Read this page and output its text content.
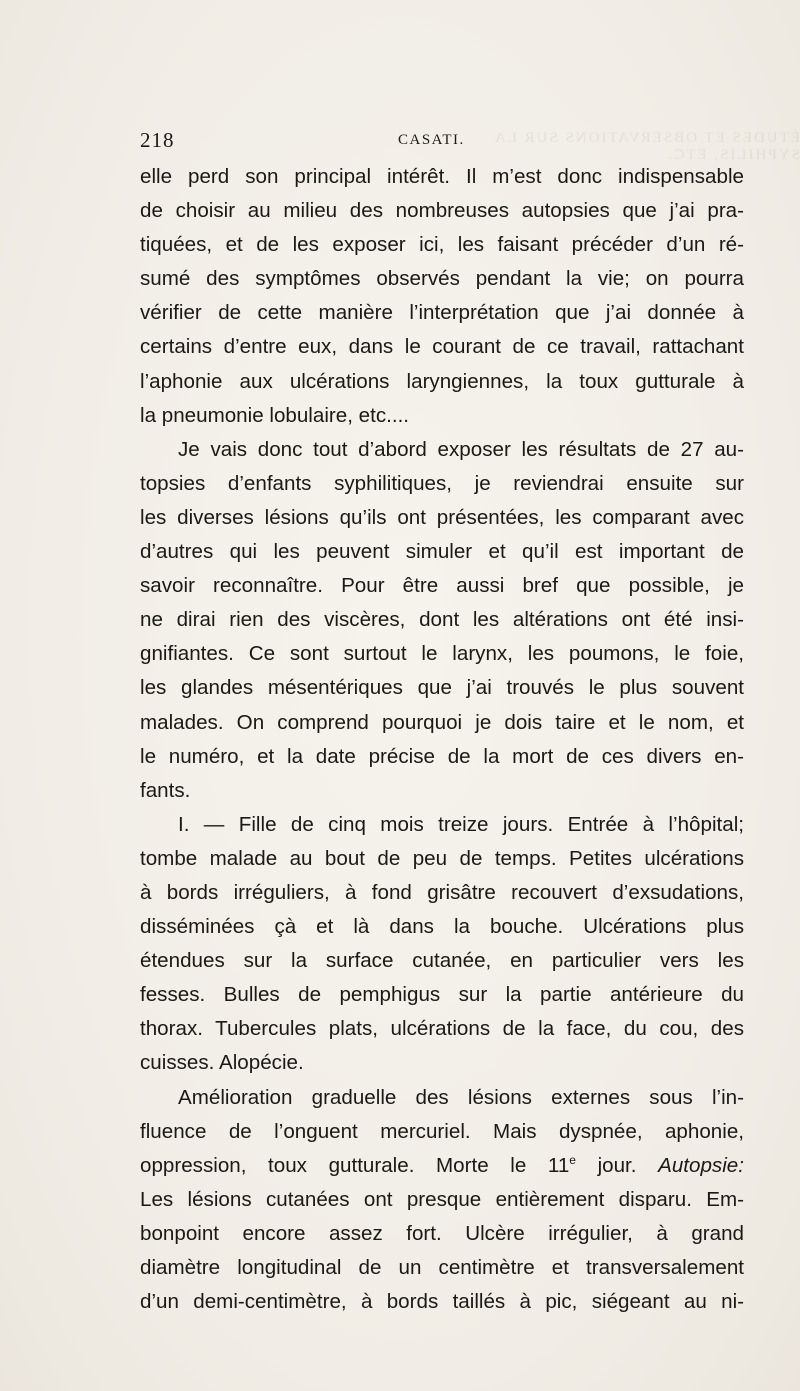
ÉTUDES ET OBSERVATIONS SUR LA SYPHILIS, ETC.
218	CASATI.
elle perd son principal intérêt. Il m’est donc indispensable
de choisir au milieu des nombreuses autopsies que j’ai pra-
tiquées, et de les exposer ici, les faisant précéder d’un ré-
sumé des symptômes observés pendant la vie; on pourra
vérifier de cette manière l’interprétation que j’ai donnée à
certains d’entre eux, dans le courant de ce travail, rattachant
l’aphonie aux ulcérations laryngiennes, la toux gutturale à
la pneumonie lobulaire, etc....
Je vais donc tout d’abord exposer les résultats de 27 au-
topsies d’enfants syphilitiques, je reviendrai ensuite sur
les diverses lésions qu’ils ont présentées, les comparant avec
d’autres qui les peuvent simuler et qu’il est important de
savoir reconnaître. Pour être aussi bref que possible, je
ne dirai rien des viscères, dont les altérations ont été insi-
gnifiantes. Ce sont surtout le larynx, les poumons, le foie,
les glandes mésentériques que j’ai trouvés le plus souvent
malades. On comprend pourquoi je dois taire et le nom, et
le numéro, et la date précise de la mort de ces divers en-
fants.
I. — Fille de cinq mois treize jours. Entrée à l’hôpital;
tombe malade au bout de peu de temps. Petites ulcérations
à bords irréguliers, à fond grisâtre recouvert d’exsudations,
disséminées çà et là dans la bouche. Ulcérations plus
étendues sur la surface cutanée, en particulier vers les
fesses. Bulles de pemphigus sur la partie antérieure du
thorax. Tubercules plats, ulcérations de la face, du cou, des
cuisses. Alopécie.
Amélioration graduelle des lésions externes sous l’in-
fluence de l’onguent mercuriel. Mais dyspnée, aphonie,
oppression, toux gutturale. Morte le 11e jour. Autopsie:
Les lésions cutanées ont presque entièrement disparu. Em-
bonpoint encore assez fort. Ulcère irrégulier, à grand
diamètre longitudinal de un centimètre et transversalement
d’un demi-centimètre, à bords taillés à pic, siégeant au ni-
